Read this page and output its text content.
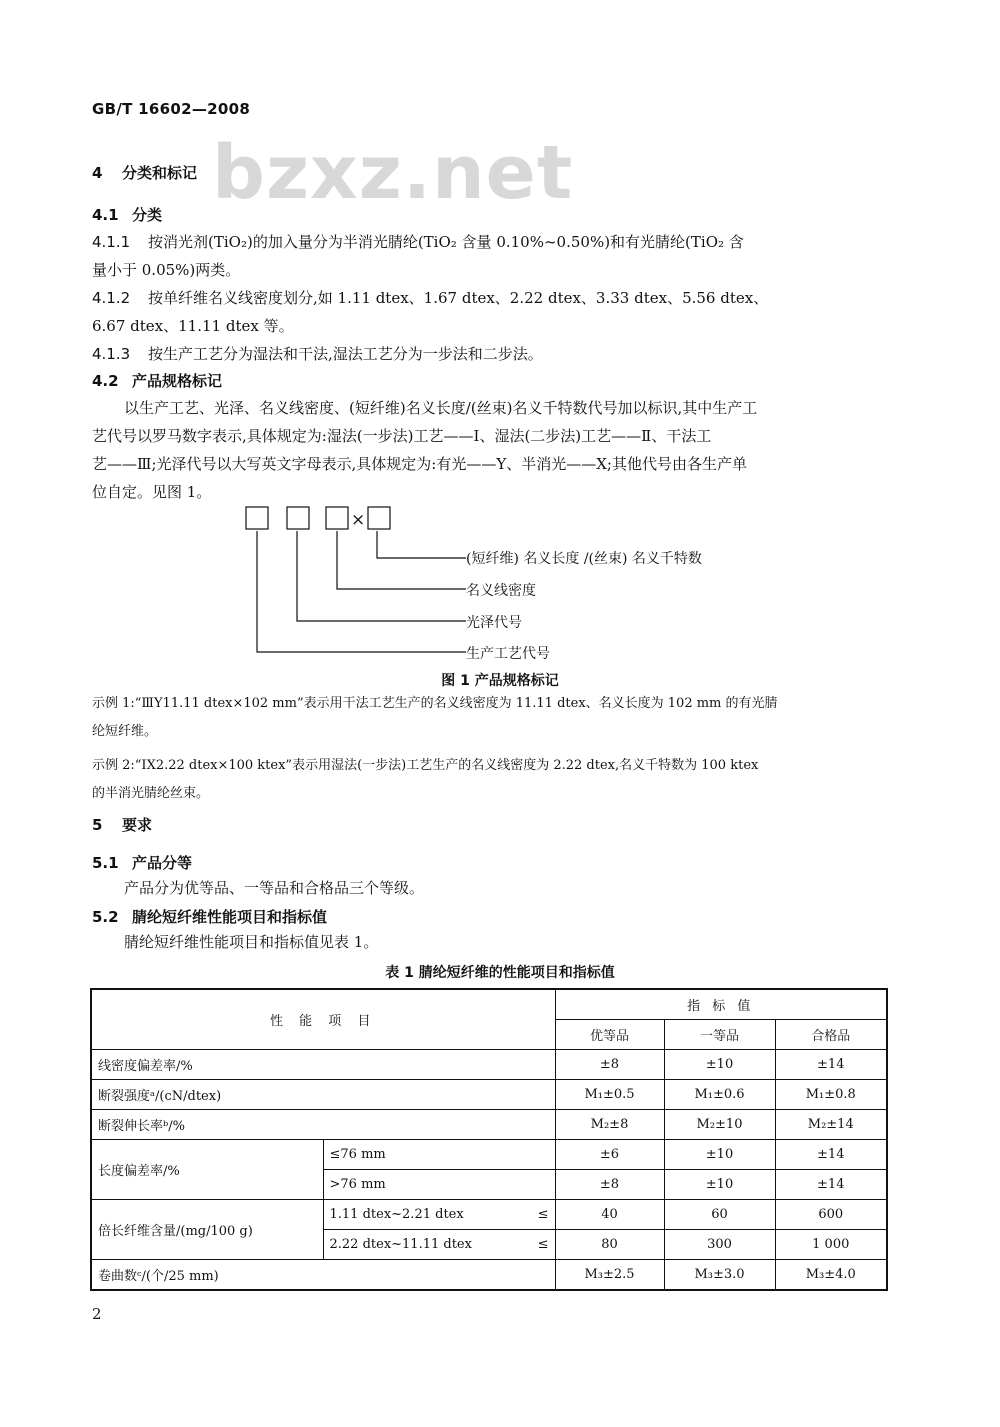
GB/T 16602—2008
bzxz.net
4 分类和标记
4.1 分类
4.1.1 按消光剂(TiO₂)的加入量分为半消光腈纶(TiO₂ 含量 0.10%~0.50%)和有光腈纶(TiO₂ 含
量小于 0.05%)两类。
4.1.2 按单纤维名义线密度划分,如 1.11 dtex、1.67 dtex、2.22 dtex、3.33 dtex、5.56 dtex、
6.67 dtex、11.11 dtex 等。
4.1.3 按生产工艺分为湿法和干法,湿法工艺分为一步法和二步法。
4.2 产品规格标记
以生产工艺、光泽、名义线密度、(短纤维)名义长度/(丝束)名义千特数代号加以标识,其中生产工
艺代号以罗马数字表示,具体规定为:湿法(一步法)工艺——Ⅰ、湿法(二步法)工艺——Ⅱ、干法工
艺——Ⅲ;光泽代号以大写英文字母表示,具体规定为:有光——Y、半消光——X;其他代号由各生产单
位自定。见图 1。
×
(短纤维) 名义长度 /(丝束) 名义千特数
名义线密度
光泽代号
生产工艺代号
图 1 产品规格标记
示例 1:“ⅢY11.11 dtex×102 mm”表示用干法工艺生产的名义线密度为 11.11 dtex、名义长度为 102 mm 的有光腈
纶短纤维。
示例 2:“ⅠX2.22 dtex×100 ktex”表示用湿法(一步法)工艺生产的名义线密度为 2.22 dtex,名义千特数为 100 ktex
的半消光腈纶丝束。
5 要求
5.1 产品分等
产品分为优等品、一等品和合格品三个等级。
5.2 腈纶短纤维性能项目和指标值
腈纶短纤维性能项目和指标值见表 1。
表 1 腈纶短纤维的性能项目和指标值
性 能 项 目		指 标 值		
		优等品	一等品	合格品
线密度偏差率/%		±8	±10	±14
断裂强度ᵃ/(cN/dtex)		M₁±0.5	M₁±0.6	M₁±0.8
断裂伸长率ᵇ/%		M₂±8	M₂±10	M₂±14
长度偏差率/%	≤76 mm	±6	±10	±14
	>76 mm	±8	±10	±14
倍长纤维含量/(mg/100 g)	1.11 dtex~2.21 dtex ≤	40	60	600
	2.22 dtex~11.11 dtex ≤	80	300	1 000
卷曲数ᶜ/(个/25 mm)		M₃±2.5	M₃±3.0	M₃±4.0
2
